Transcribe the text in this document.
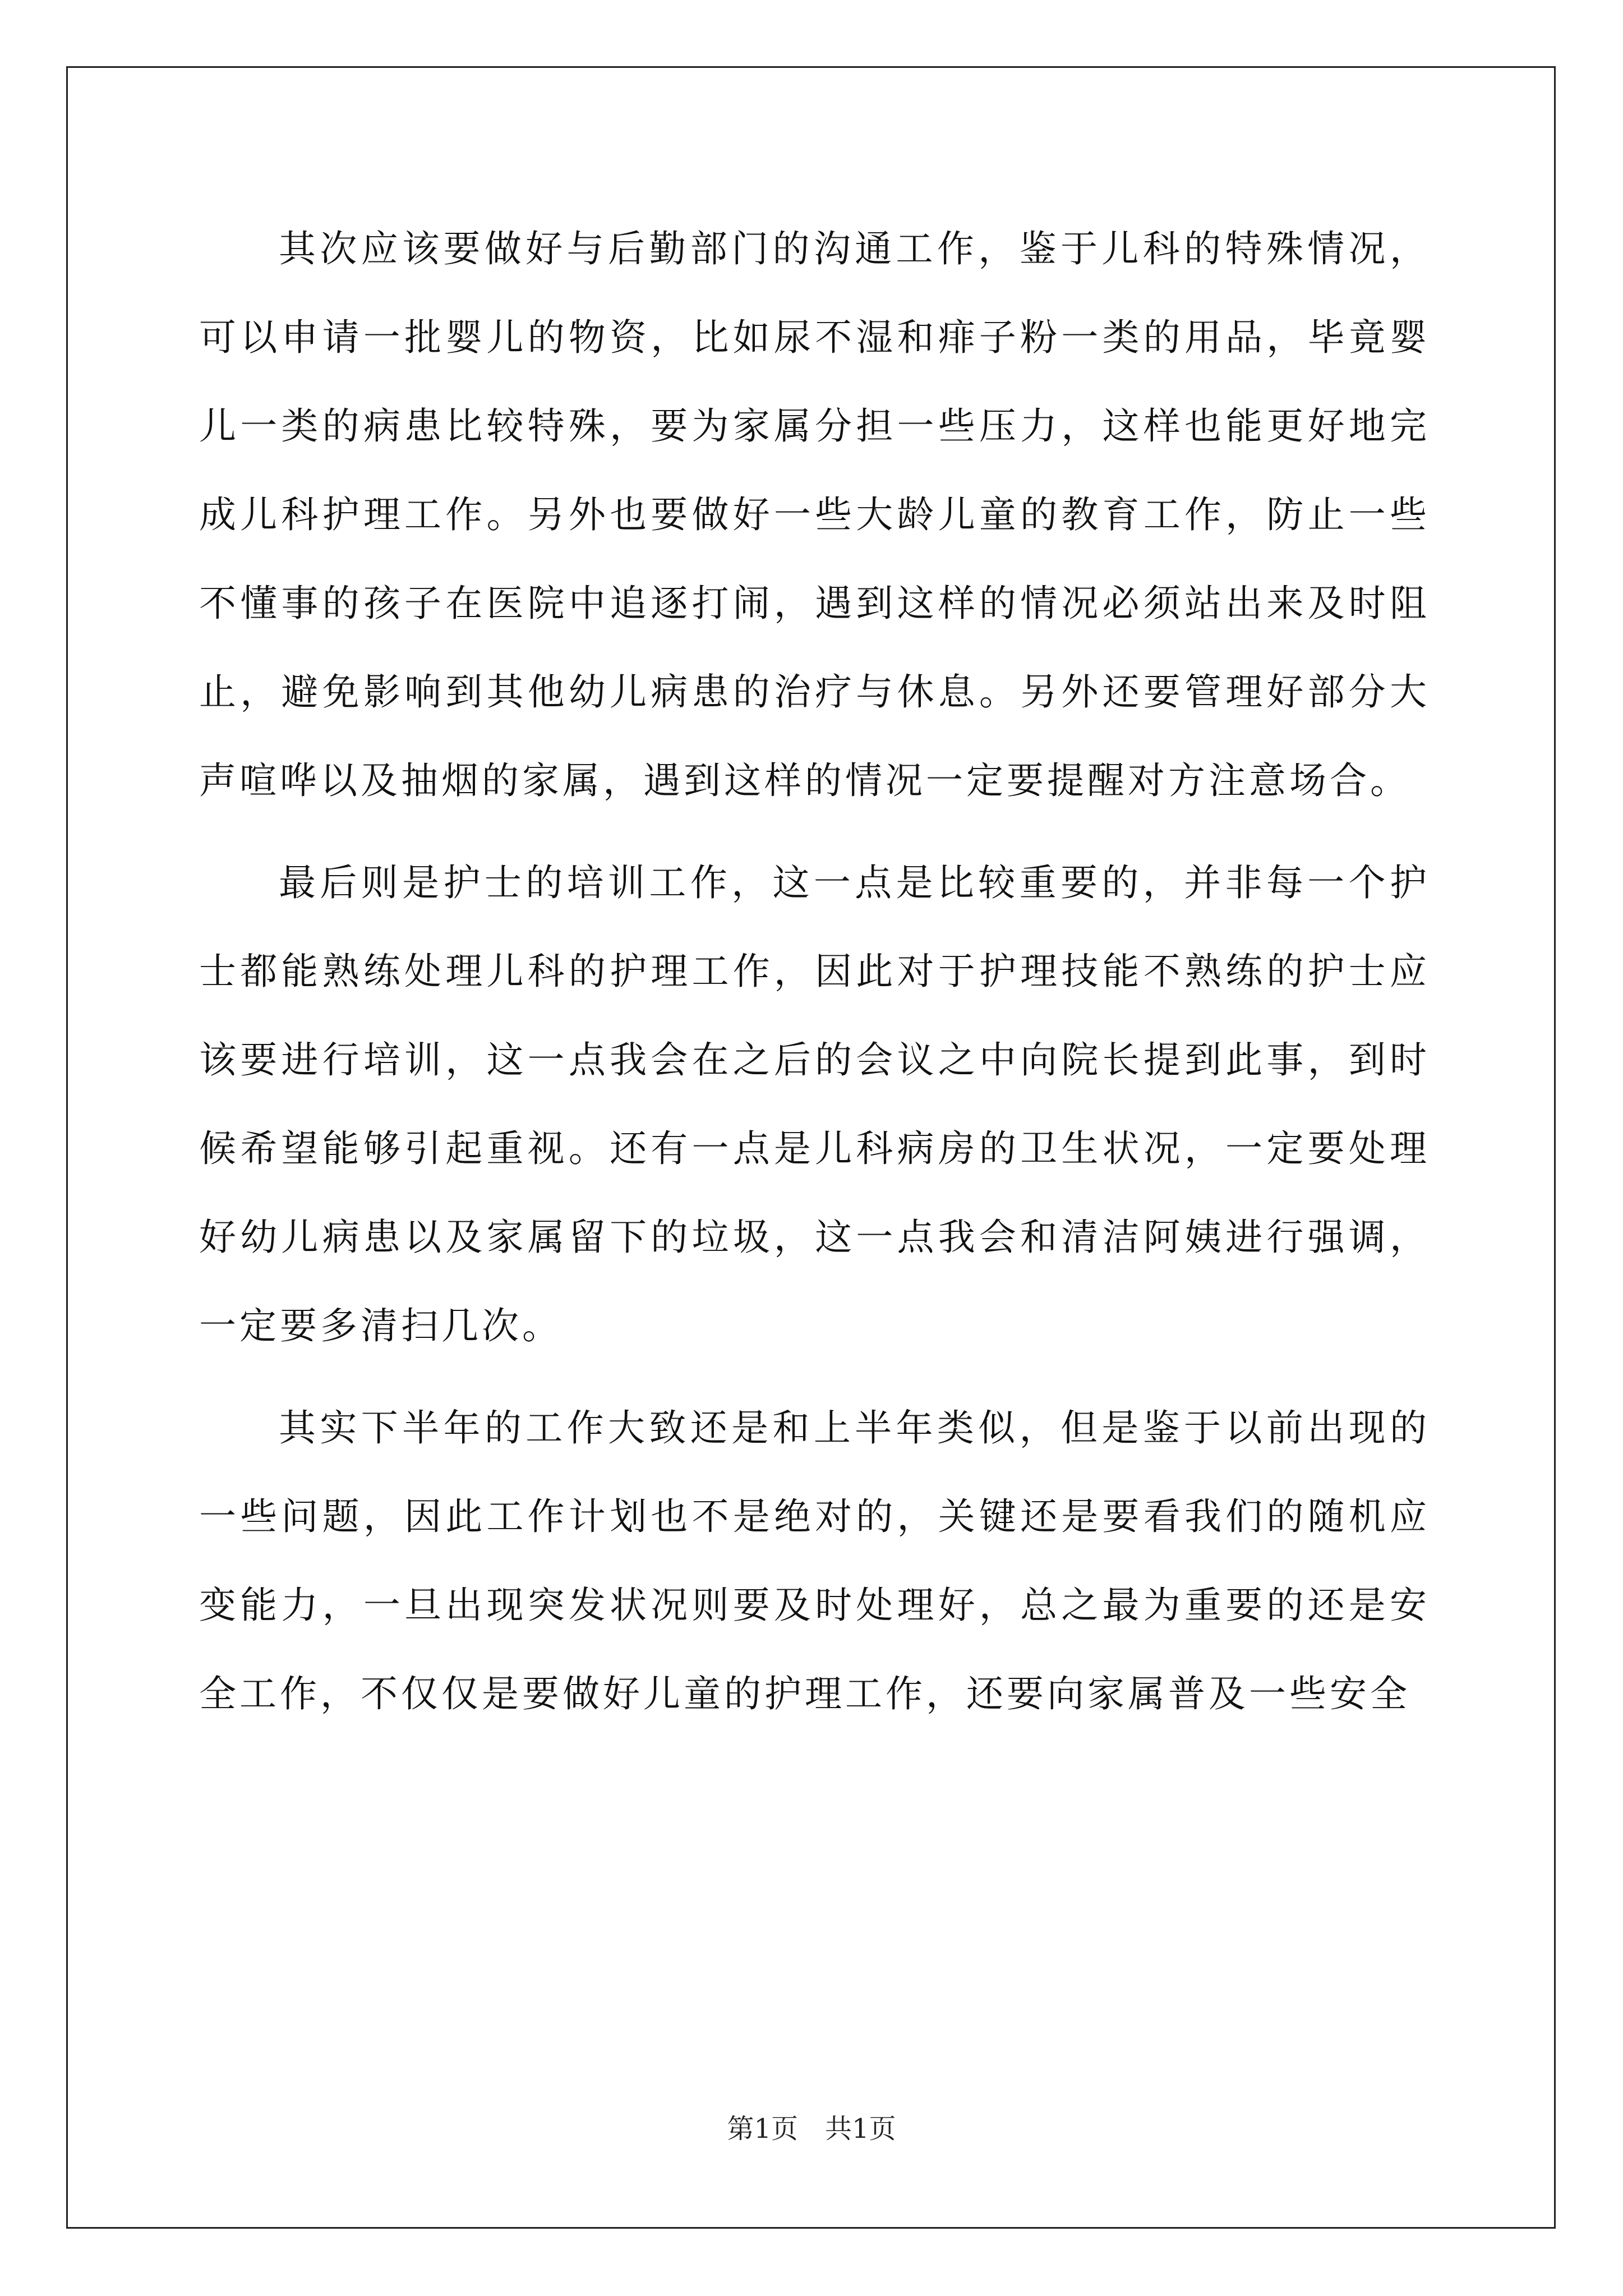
其次应该要做好与后勤部门的沟通工作，鉴于儿科的特殊情况，可以申请一批婴儿的物资，比如尿不湿和痱子粉一类的用品，毕竟婴儿一类的病患比较特殊，要为家属分担一些压力，这样也能更好地完成儿科护理工作。另外也要做好一些大龄儿童的教育工作，防止一些不懂事的孩子在医院中追逐打闹，遇到这样的情况必须站出来及时阻止，避免影响到其他幼儿病患的治疗与休息。另外还要管理好部分大声喧哗以及抽烟的家属，遇到这样的情况一定要提醒对方注意场合。

最后则是护士的培训工作，这一点是比较重要的，并非每一个护士都能熟练处理儿科的护理工作，因此对于护理技能不熟练的护士应该要进行培训，这一点我会在之后的会议之中向院长提到此事，到时候希望能够引起重视。还有一点是儿科病房的卫生状况，一定要处理好幼儿病患以及家属留下的垃圾，这一点我会和清洁阿姨进行强调，一定要多清扫几次。

其实下半年的工作大致还是和上半年类似，但是鉴于以前出现的一些问题，因此工作计划也不是绝对的，关键还是要看我们的随机应变能力，一旦出现突发状况则要及时处理好，总之最为重要的还是安全工作，不仅仅是要做好儿童的护理工作，还要向家属普及一些安全

第1页 共1页
